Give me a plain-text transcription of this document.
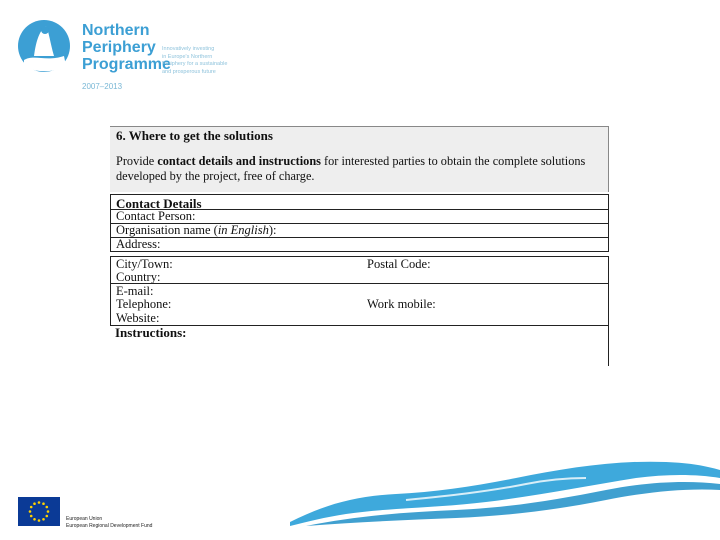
Northern
Periphery
Programme
2007–2013
Innovatively investing
in Europe's Northern
Periphery for a sustainable
and prosperous future
6. Where to get the solutions
Provide contact details and instructions for interested parties to obtain the complete solutions developed by the project, free of charge.
Contact Details
Contact Person:
Organisation name (in English):
Address:
City/Town:	Postal Code:
Country:
E-mail:
Telephone:	Work mobile:
Website:
Instructions:
European Union
European Regional Development Fund
